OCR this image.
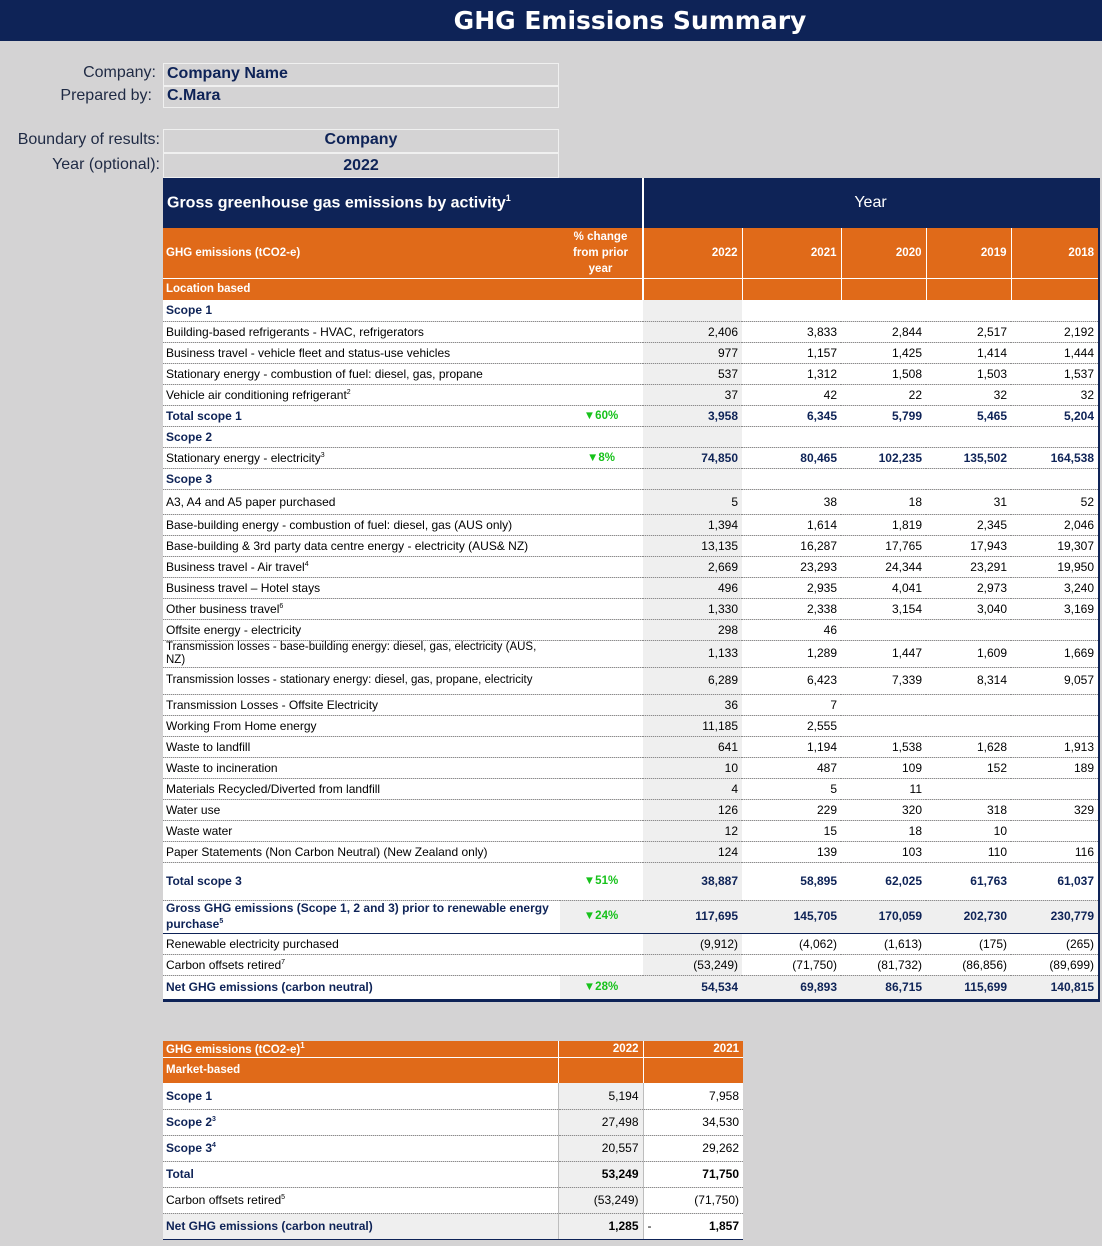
GHG Emissions Summary
Company: Company Name
Prepared by: C.Mara
Boundary of results:	Company
Year (optional):	2022
Gross greenhouse gas emissions by activity$^1$		Year				
GHG emissions (tCO2-e)	% change from prior year	2022	2021	2020	2019	2018
Location based						
Scope 1						
Building-based refrigerants - HVAC, refrigerators		2,406	3,833	2,844	2,517	2,192
Business travel - vehicle fleet and status-use vehicles		977	1,157	1,425	1,414	1,444
Stationary energy - combustion of fuel: diesel, gas, propane		537	1,312	1,508	1,503	1,537
Vehicle air conditioning refrigerant$^2$		37	42	22	32	32
Total scope 1	▼60%	3,958	6,345	5,799	5,465	5,204
Scope 2						
Stationary energy - electricity$^3$	▼8%	74,850	80,465	102,235	135,502	164,538
Scope 3						
A3, A4 and A5 paper purchased		5	38	18	31	52
Base-building energy - combustion of fuel: diesel, gas (AUS only)		1,394	1,614	1,819	2,345	2,046
Base-building & 3rd party data centre energy - electricity (AUS& NZ)		13,135	16,287	17,765	17,943	19,307
Business travel - Air travel$^4$		2,669	23,293	24,344	23,291	19,950
Business travel – Hotel stays		496	2,935	4,041	2,973	3,240
Other business travel$^6$		1,330	2,338	3,154	3,040	3,169
Offsite energy - electricity		298	46			
Transmission losses - base-building energy: diesel, gas, electricity (AUS, NZ)		1,133	1,289	1,447	1,609	1,669
Transmission losses - stationary energy: diesel, gas, propane, electricity		6,289	6,423	7,339	8,314	9,057
Transmission Losses - Offsite Electricity		36	7			
Working From Home energy		11,185	2,555			
Waste to landfill		641	1,194	1,538	1,628	1,913
Waste to incineration		10	487	109	152	189
Materials Recycled/Diverted from landfill		4	5	11		
Water use		126	229	320	318	329
Waste water		12	15	18	10	
Paper Statements (Non Carbon Neutral) (New Zealand only)		124	139	103	110	116
Total scope 3	▼51%	38,887	58,895	62,025	61,763	61,037
Gross GHG emissions (Scope 1, 2 and 3) prior to renewable energy purchase$^5$	▼24%	117,695	145,705	170,059	202,730	230,779
Renewable electricity purchased		(9,912)	(4,062)	(1,613)	(175)	(265)
Carbon offsets retired$^7$		(53,249)	(71,750)	(81,732)	(86,856)	(89,699)
Net GHG emissions (carbon neutral)	▼28%	54,534	69,893	86,715	115,699	140,815
GHG emissions $(tCO2-e)^1$	2022	2021
Market-based		
Scope 1	5,194	7,958
Scope $2^3$	27,498	34,530
Scope $3^4$	20,557	29,262
Total	53,249	71,750
Carbon offsets retired$^5$	(53,249)	(71,750)
Net GHG emissions (carbon neutral)	1,285	- 1,857
